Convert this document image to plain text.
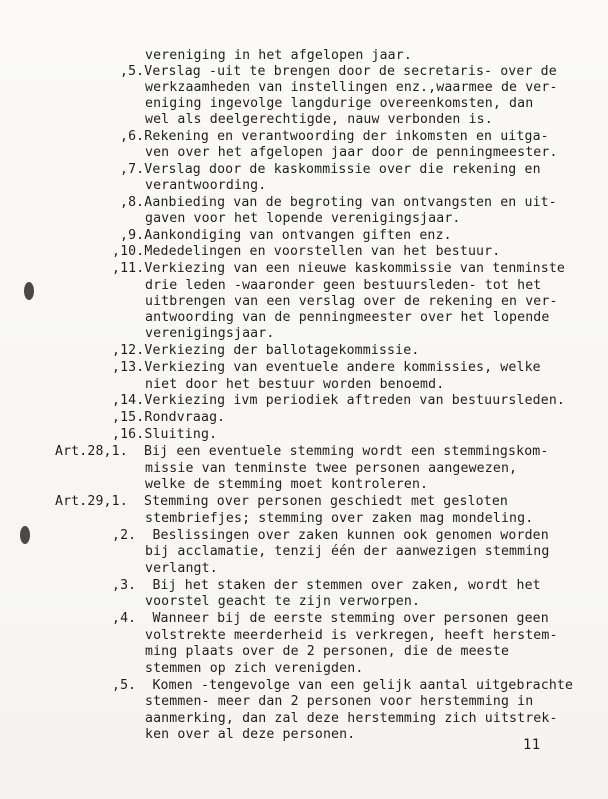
vereniging in het afgelopen jaar.
,5.Verslag -uit te brengen door de secretaris- over de
werkzaamheden van instellingen enz.,waarmee de ver-
eniging ingevolge langdurige overeenkomsten, dan
wel als deelgerechtigde, nauw verbonden is.
,6.Rekening en verantwoording der inkomsten en uitga-
ven over het afgelopen jaar door de penningmeester.
,7.Verslag door de kaskommissie over die rekening en
verantwoording.
,8.Aanbieding van de begroting van ontvangsten en uit-
gaven voor het lopende verenigingsjaar.
,9.Aankondiging van ontvangen giften enz.
,10.Mededelingen en voorstellen van het bestuur.
,11.Verkiezing van een nieuwe kaskommissie van tenminste
drie leden -waaronder geen bestuursleden- tot het
uitbrengen van een verslag over de rekening en ver-
antwoording van de penningmeester over het lopende
verenigingsjaar.
,12.Verkiezing der ballotagekommissie.
,13.Verkiezing van eventuele andere kommissies, welke
niet door het bestuur worden benoemd.
,14.Verkiezing ivm periodiek aftreden van bestuursleden.
,15.Rondvraag.
,16.Sluiting.
Art.28,1.  Bij een eventuele stemming wordt een stemmingskom-
missie van tenminste twee personen aangewezen,
welke de stemming moet kontroleren.
Art.29,1.  Stemming over personen geschiedt met gesloten
stembriefjes; stemming over zaken mag mondeling.
,2.  Beslissingen over zaken kunnen ook genomen worden
bij acclamatie, tenzij één der aanwezigen stemming
verlangt.
,3.  Bij het staken der stemmen over zaken, wordt het
voorstel geacht te zijn verworpen.
,4.  Wanneer bij de eerste stemming over personen geen
volstrekte meerderheid is verkregen, heeft herstem-
ming plaats over de 2 personen, die de meeste
stemmen op zich verenigden.
,5.  Komen -tengevolge van een gelijk aantal uitgebrachte
stemmen- meer dan 2 personen voor herstemming in
aanmerking, dan zal deze herstemming zich uitstrek-
ken over al deze personen.
11
